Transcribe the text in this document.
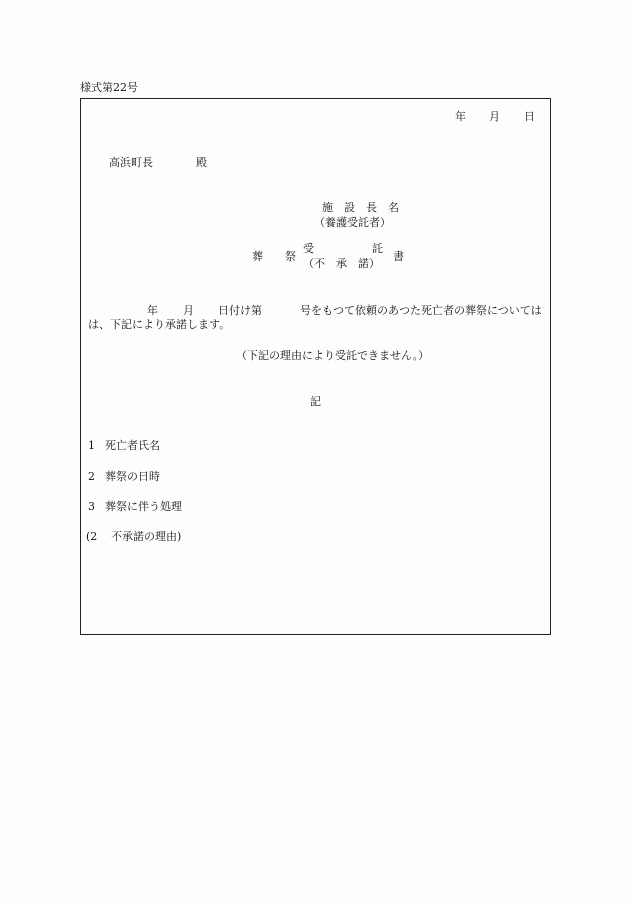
様式第22号
年 月 日
高浜町長	殿
施　設　長　名
（養護受託者）
葬　　祭
受	託
（不　承　諾）
書
年 月 日付け第	号をもつて依頼のあつた死亡者の葬祭については
は、下記により承諾します。
（下記の理由により受託できません。）
記
1 死亡者氏名
2 葬祭の日時
3 葬祭に伴う処理
(2 不承諾の理由)
